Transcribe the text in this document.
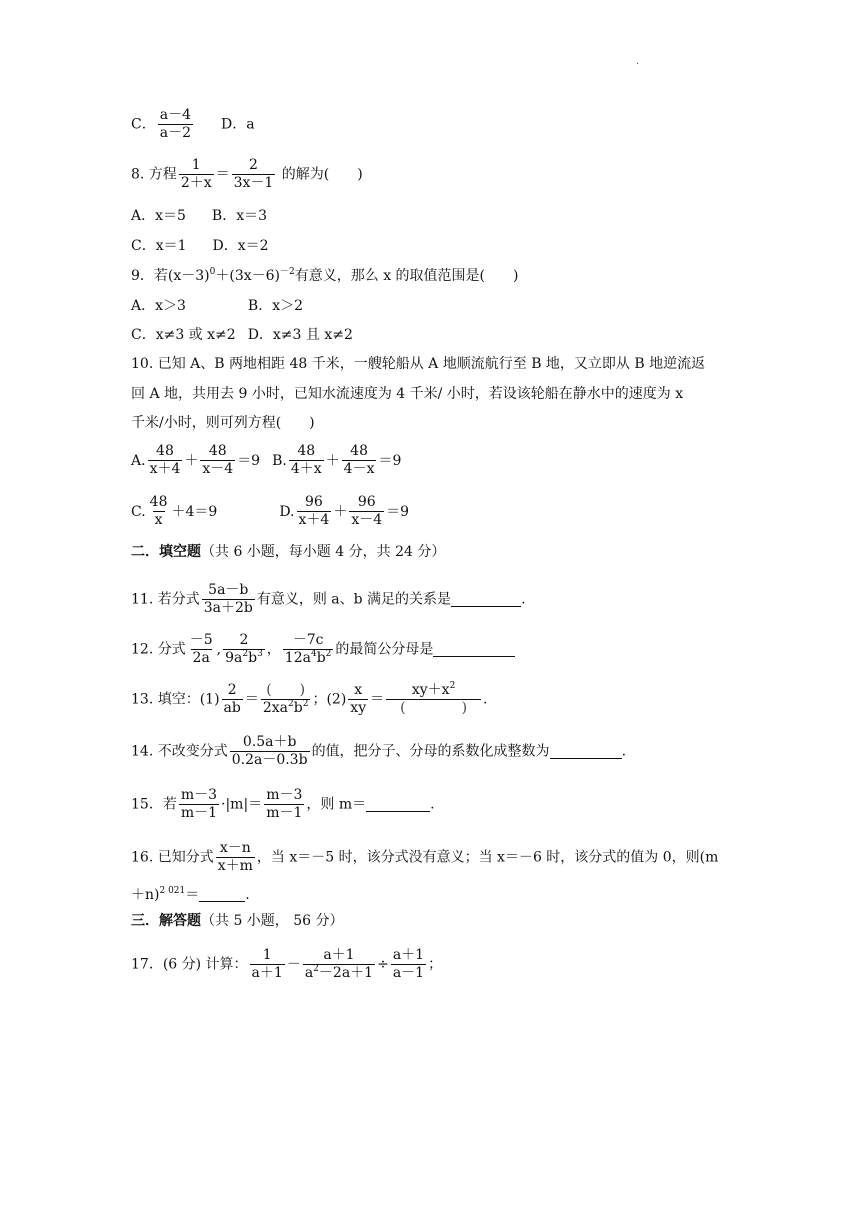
.
C． $\frac{a-4}{a-2}$ D．a
8. 方程 $\frac{1}{2+x} = \frac{2}{3x-1}$ 的解为(　　)
A．x＝5 B．x＝3
C．x＝1 D．x＝2
9．若$(x-3)^0+(3x-6)^{-2}$有意义，那么 x 的取值范围是(　　)
A．x＞3	B．x＞2
C．x≠3 或 x≠2 D．x≠3 且 x≠2
10. 已知 A、B 两地相距 48 千米，一艘轮船从 A 地顺流航行至 B 地，又立即从 B 地逆流返
回 A 地，共用去 9 小时，已知水流速度为 4 千米/ 小时，若设该轮船在静水中的速度为 x
千米/小时，则可列方程(　　)
A. $\frac{48}{x+4} + \frac{48}{x-4} =9$ B. $\frac{48}{4+x} + \frac{48}{4-x} =9$
C. $\frac{48}{x} +4=9$	D. $\frac{96}{x+4} + \frac{96}{x-4} =9$
二．填空题（共 6 小题，每小题 4 分，共 24 分）
11. 若分式 $\frac{5a-b}{3a+2b}$ 有意义，则 a、b 满足的关系是	.
12. 分式 $\frac{-5}{2a}$ , $\frac{2}{9a^2b^3}$ ， $\frac{-7c}{12a^4b^2}$ 的最简公分母是
13. 填空：$(1) \frac{2}{ab} = \frac{( )}{2xa^2b^2}$ ；$(2) \frac{x}{xy} = \frac{xy+x^2}{( )}$ .
14. 不改变分式 $\frac{0.5a+b}{0.2a-0.3b}$ 的值，把分子、分母的系数化成整数为	.
15．若 $\frac{m-3}{m-1} \cdot|m|= \frac{m-3}{m-1}$ ，则 m＝	.
16. 已知分式 $\frac{x-n}{x+m}$ ，当 x＝－5 时，该分式没有意义；当 x＝－6 时，该分式的值为 0，则(m
＋n)$^{2 021}$＝	.
三．解答题（共 5 小题， 56 分）
17．(6 分) 计算： $\frac{1}{a+1} - \frac{a+1}{a^2-2a+1} \div \frac{a+1}{a-1}$ ；
